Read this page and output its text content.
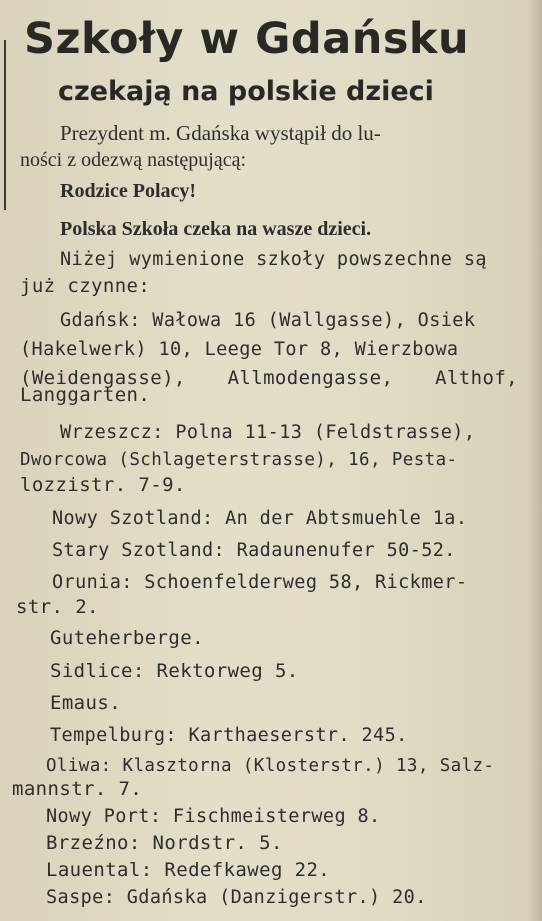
Szkoły w Gdańsku
czekają na polskie dzieci
Prezydent m. Gdańska wystąpił do lu-
ności z odezwą następującą:
Rodzice Polacy!
Polska Szkoła czeka na wasze dzieci.
Niżej wymienione szkoły powszechne są
już czynne:
Gdańsk: Wałowa 16 (Wallgasse), Osiek
(Hakelwerk) 10, Leege Tor 8, Wierzbowa
(Weidengasse), Allmodengasse, Althof,
Langgarten.
Wrzeszcz: Polna 11-13 (Feldstrasse),
Dworcowa (Schlageterstrasse), 16, Pesta-
lozzistr. 7-9.
Nowy Szotland: An der Abtsmuehle 1a.
Stary Szotland: Radaunenufer 50-52.
Orunia: Schoenfelderweg 58, Rickmer-
str. 2.
Guteherberge.
Sidlice: Rektorweg 5.
Emaus.
Tempelburg: Karthaeserstr. 245.
Oliwa: Klasztorna (Klosterstr.) 13, Salz-
mannstr. 7.
Nowy Port: Fischmeisterweg 8.
Brzeźno: Nordstr. 5.
Lauental: Redefkaweg 22.
Saspe: Gdańska (Danzigerstr.) 20.
